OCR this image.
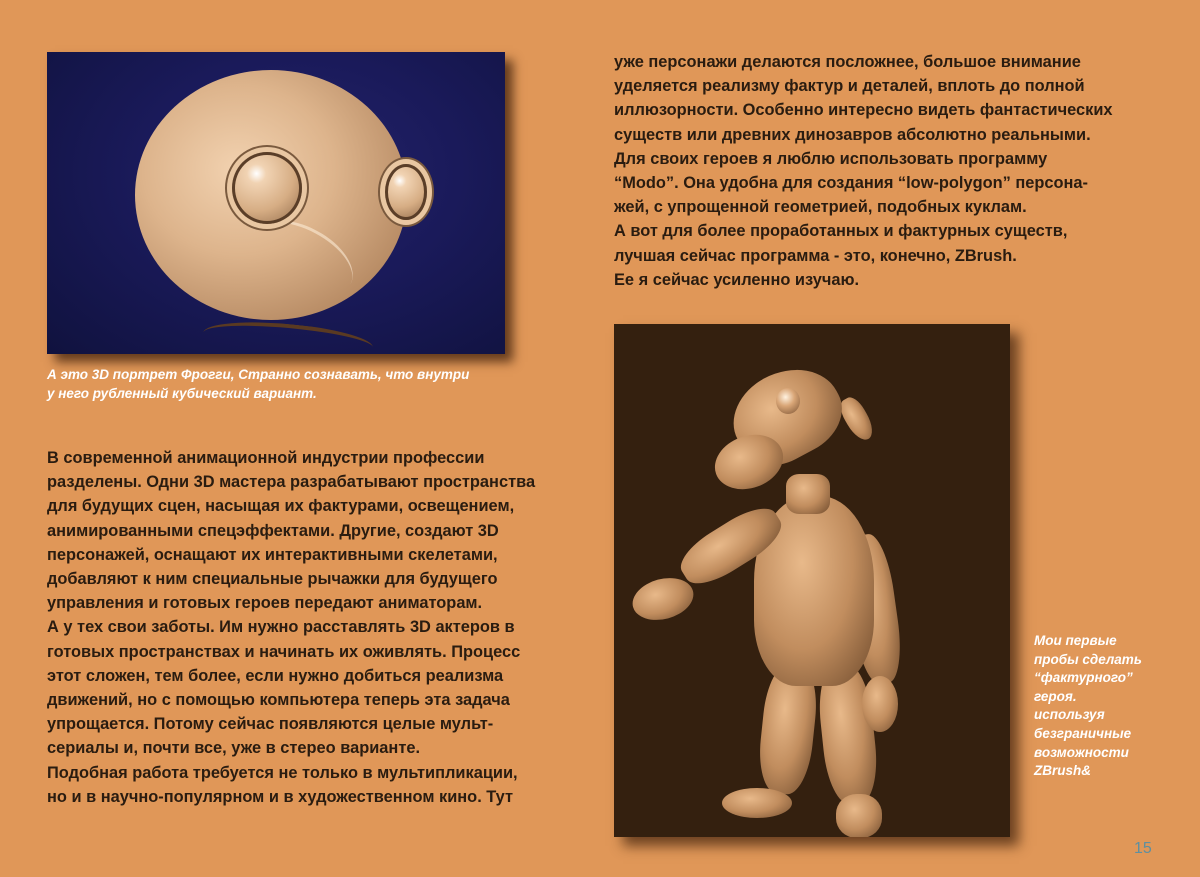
А это 3D портрет Фрогги, Странно сознавать, что внутри
у него рубленный кубический вариант.
уже персонажи делаются посложнее, большое внимание
уделяется реализму фактур и деталей, вплоть до полной
иллюзорности. Особенно интересно видеть фантастических
существ или древних динозавров абсолютно реальными.
Для своих героев я люблю использовать программу
“Modo”. Она удобна для создания “low-polygon” персона-
жей, с упрощенной геометрией, подобных куклам.
А вот для более проработанных и фактурных существ,
лучшая сейчас программа - это, конечно, ZBrush.
Ее я сейчас усиленно изучаю.
В современной анимационной индустрии профессии
разделены. Одни 3D мастера разрабатывают пространства
для будущих сцен, насыщая их фактурами, освещением,
анимированными спецэффектами. Другие, создают 3D
персонажей, оснащают их интерактивными скелетами,
добавляют к ним специальные рычажки для будущего
управления и готовых героев передают аниматорам.
А у тех свои заботы. Им нужно расставлять 3D актеров в
готовых пространствах и начинать их оживлять. Процесс
этот сложен, тем более, если нужно добиться реализма
движений, но с помощью компьютера теперь эта задача
упрощается. Потому сейчас появляются целые мульт-
сериалы и, почти все, уже в стерео варианте.
Подобная работа требуется не только в мультипликации,
но и в научно-популярном и в художественном кино. Тут
Мои первые
пробы сделать
“фактурного”
героя.
используя
безграничные
возможности
ZBrush&
15
